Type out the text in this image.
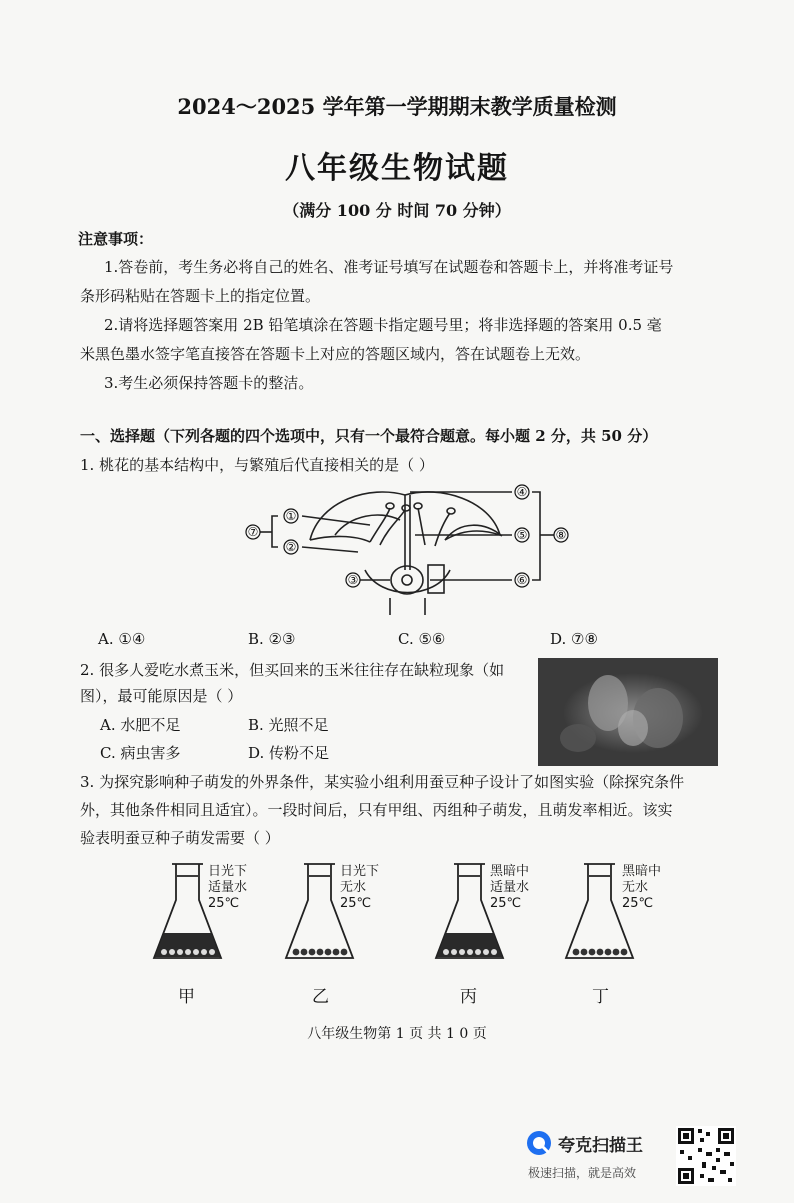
2024～2025 学年第一学期期末教学质量检测
八年级生物试题
（满分 100 分 时间 70 分钟）
注意事项：
1.答卷前，考生务必将自己的姓名、准考证号填写在试题卷和答题卡上，并将准考证号
条形码粘贴在答题卡上的指定位置。
2.请将选择题答案用 2B 铅笔填涂在答题卡指定题号里；将非选择题的答案用 0.5 毫
米黑色墨水签字笔直接答在答题卡上对应的答题区域内，答在试题卷上无效。
3.考生必须保持答题卡的整洁。
一、选择题（下列各题的四个选项中，只有一个最符合题意。每小题 2 分，共 50 分）
1. 桃花的基本结构中，与繁殖后代直接相关的是（ ）
①
②
③
④
⑤
⑥
⑦	⑧
A. ①④	B. ②③	C. ⑤⑥	D. ⑦⑧
2. 很多人爱吃水煮玉米，但买回来的玉米往往存在缺粒现象（如
图），最可能原因是（ ）
A. 水肥不足	B. 光照不足
C. 病虫害多	D. 传粉不足
3. 为探究影响种子萌发的外界条件，某实验小组利用蚕豆种子设计了如图实验（除探究条件
外，其他条件相同且适宜）。一段时间后，只有甲组、丙组种子萌发，且萌发率相近。该实
验表明蚕豆种子萌发需要（ ）
日光下
适量水
25℃
甲
日光下
无水
25℃
乙
黑暗中
适量水
25℃
丙
黑暗中
无水
25℃
丁
八年级生物第 1 页 共 1 0 页
夸克扫描王
极速扫描，就是高效
